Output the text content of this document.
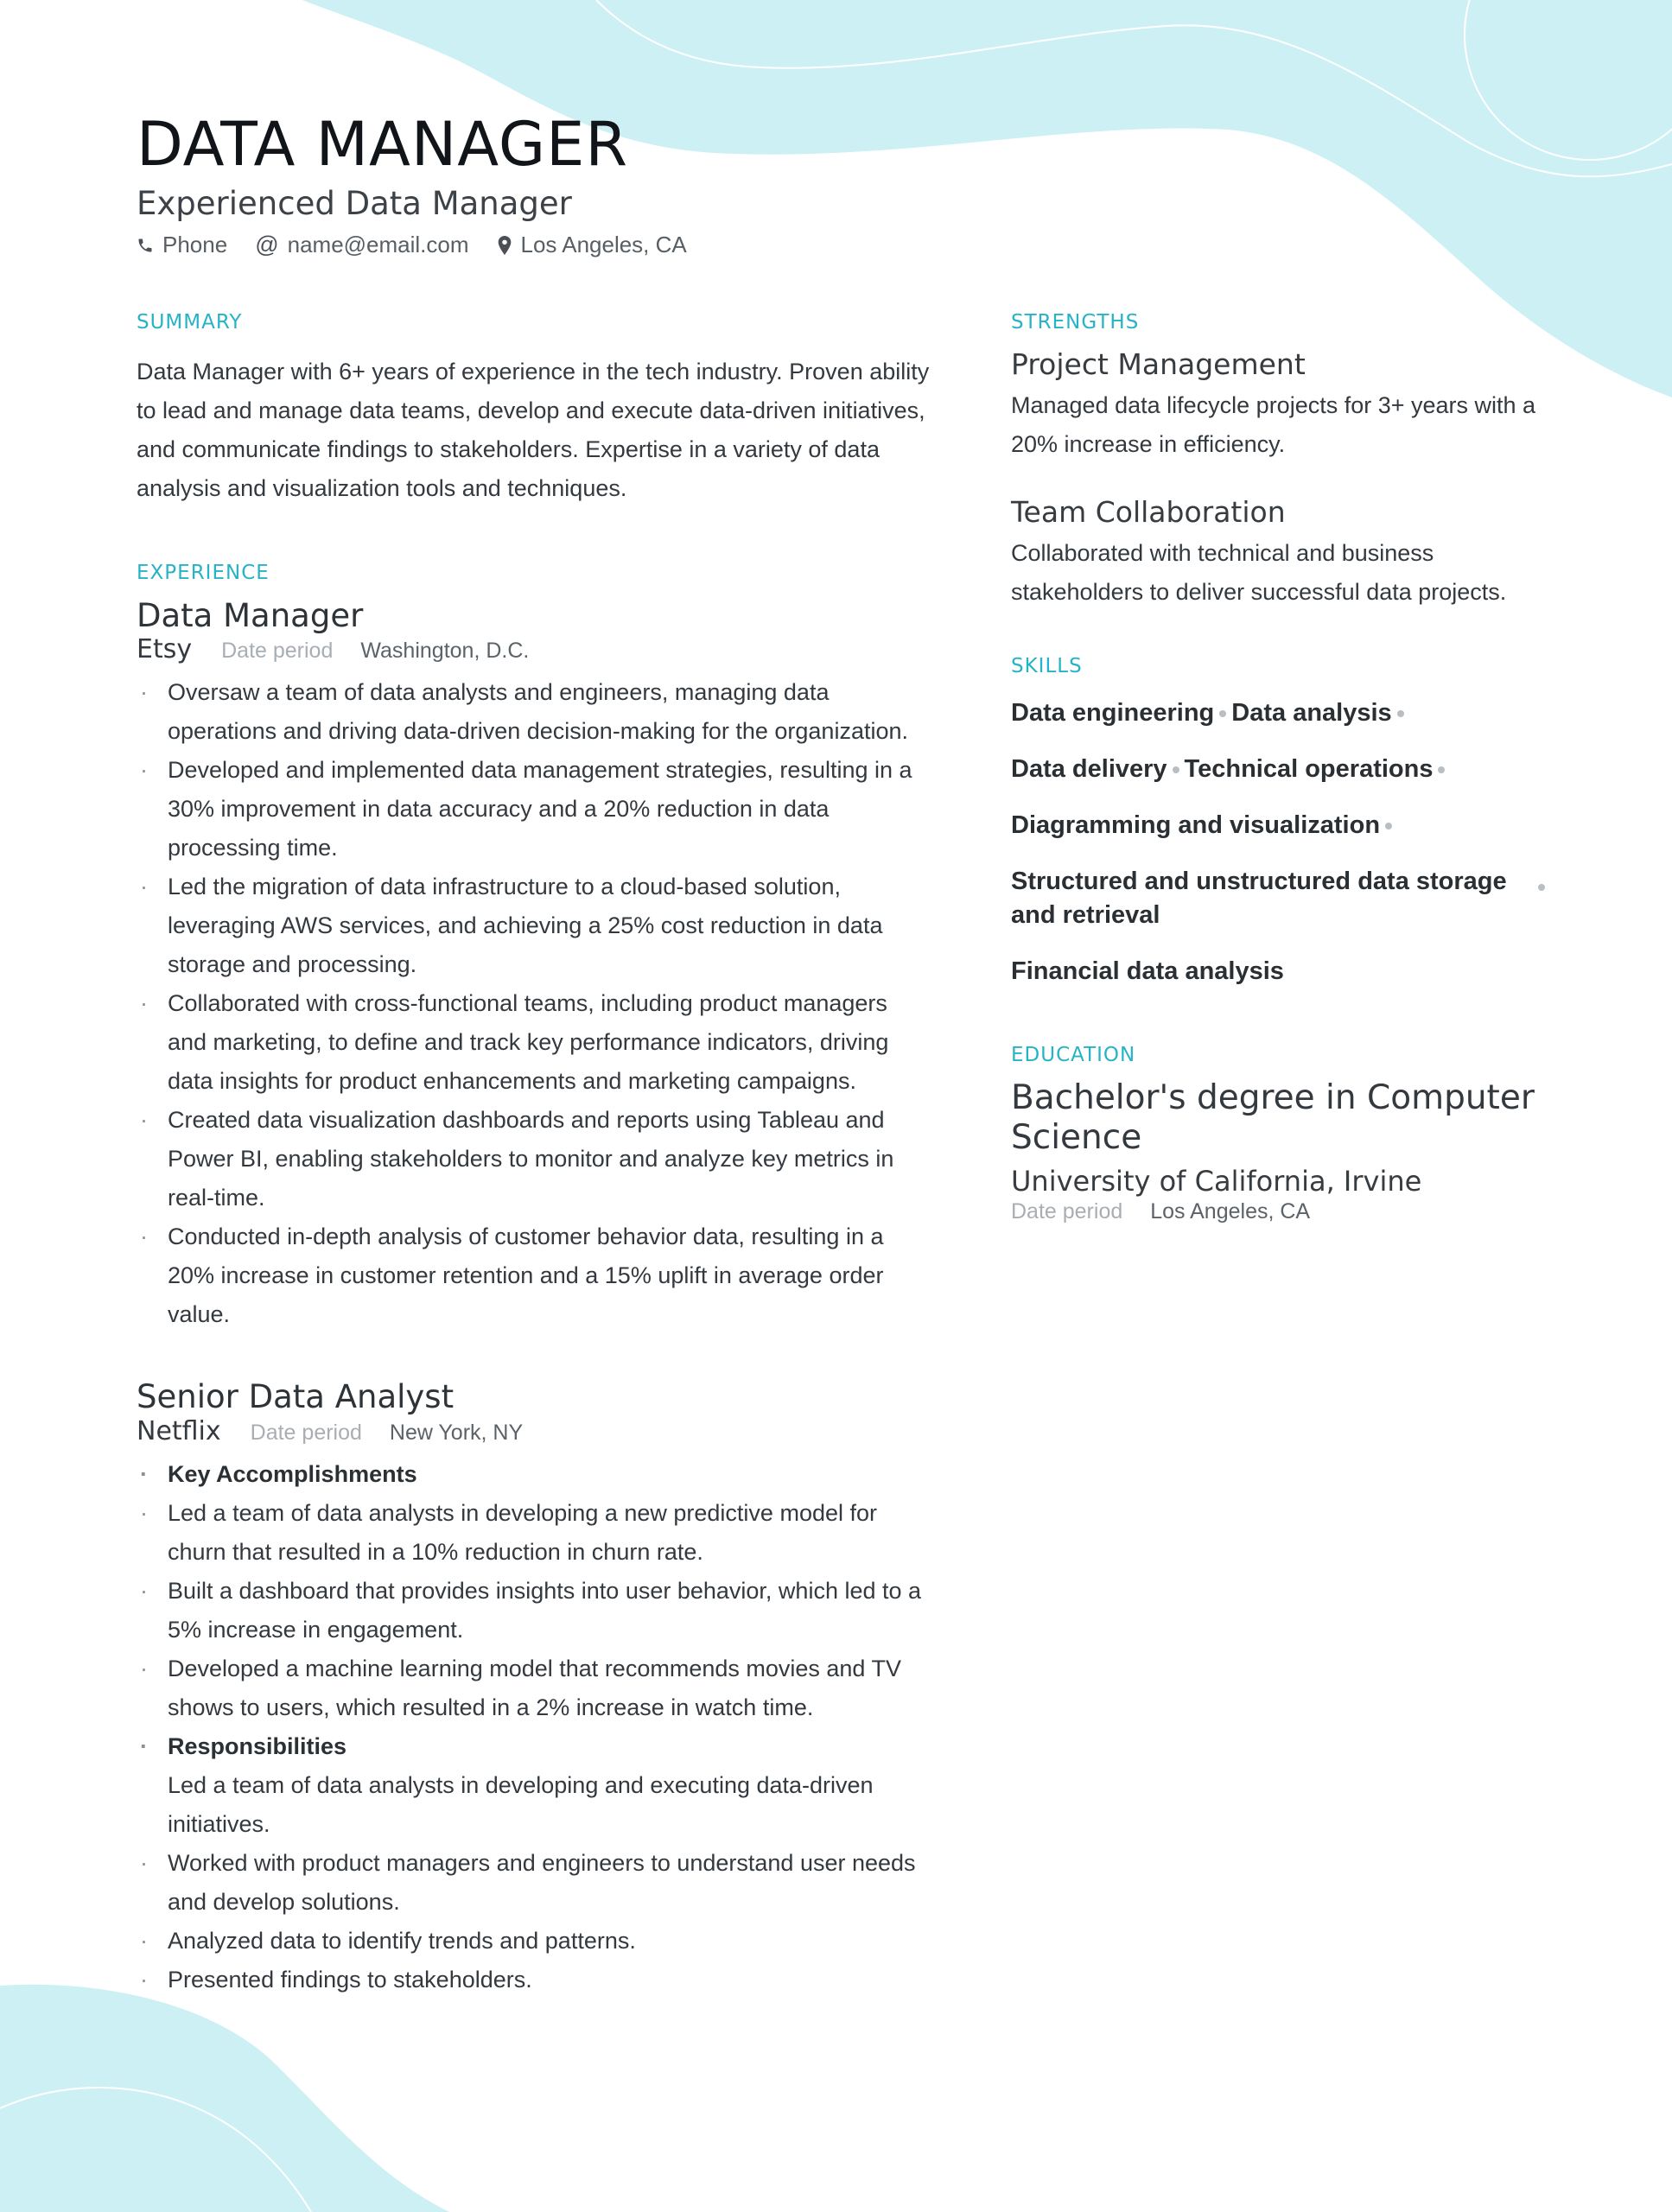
DATA MANAGER
Experienced Data Manager
Phone @ name@email.com Los Angeles, CA
SUMMARY

Data Manager with 6+ years of experience in the tech industry. Proven ability to lead and manage data teams, develop and execute data-driven initiatives, and communicate findings to stakeholders. Expertise in a variety of data analysis and visualization tools and techniques.

EXPERIENCE
Data Manager
Etsy Date period Washington, D.C.
· Oversaw a team of data analysts and engineers, managing data operations and driving data-driven decision-making for the organization.
· Developed and implemented data management strategies, resulting in a 30% improvement in data accuracy and a 20% reduction in data processing time.
· Led the migration of data infrastructure to a cloud-based solution, leveraging AWS services, and achieving a 25% cost reduction in data storage and processing.
· Collaborated with cross-functional teams, including product managers and marketing, to define and track key performance indicators, driving data insights for product enhancements and marketing campaigns.
· Created data visualization dashboards and reports using Tableau and Power BI, enabling stakeholders to monitor and analyze key metrics in real-time.
· Conducted in-depth analysis of customer behavior data, resulting in a 20% increase in customer retention and a 15% uplift in average order value.
Senior Data Analyst
Netflix Date period New York, NY
· Key Accomplishments
· Led a team of data analysts in developing a new predictive model for churn that resulted in a 10% reduction in churn rate.
· Built a dashboard that provides insights into user behavior, which led to a 5% increase in engagement.
· Developed a machine learning model that recommends movies and TV shows to users, which resulted in a 2% increase in watch time.
· Responsibilities
Led a team of data analysts in developing and executing data-driven initiatives.
· Worked with product managers and engineers to understand user needs and develop solutions.
· Analyzed data to identify trends and patterns.
· Presented findings to stakeholders.
STRENGTHS
Project Management

Managed data lifecycle projects for 3+ years with a 20% increase in efficiency.

Team Collaboration

Collaborated with technical and business stakeholders to deliver successful data projects.

SKILLS
Data engineering Data analysis
Data delivery Technical operations
Diagramming and visualization
Structured and unstructured data storage and retrieval
Financial data analysis
EDUCATION
Bachelor's degree in Computer Science
University of California, Irvine
Date period Los Angeles, CA
